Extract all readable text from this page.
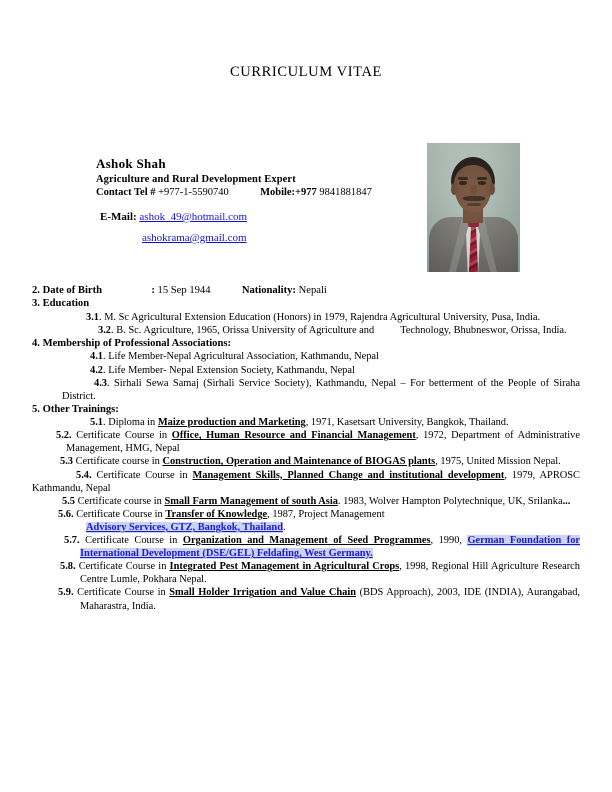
CURRICULUM VITAE
Ashok Shah
Agriculture and Rural Development Expert
Contact Tel # +977-1-5590740	Mobile:+977 9841881847
E-Mail: ashok_49@hotmail.com
ashokrama@gmail.com
2. Date of Birth	: 15 Sep 1944	Nationality: Nepali
3. Education
3.1. M. Sc Agricultural Extension Education (Honors) in 1979, Rajendra Agricultural University, Pusa, India.
3.2. B. Sc. Agriculture, 1965, Orissa University of Agriculture and	Technology, Bhubneswor, Orissa, India.
4. Membership of Professional Associations:
4.1. Life Member-Nepal Agricultural Association, Kathmandu, Nepal
4.2. Life Member- Nepal Extension Society, Kathmandu, Nepal
4.3. Sirhali Sewa Samaj (Sirhali Service Society), Kathmandu, Nepal – For betterment of the People of Siraha District.
5. Other Trainings:
5.1. Diploma in Maize production and Marketing, 1971, Kasetsart University, Bangkok, Thailand.
5.2. Certificate Course in Office, Human Resource and Financial Management, 1972, Department of Administrative Management, HMG, Nepal
5.3 Certificate course in Construction, Operation and Maintenance of BIOGAS plants, 1975, United Mission Nepal.
5.4. Certificate Course in Management Skills, Planned Change and institutional development, 1979, APROSC Kathmandu, Nepal
5.5 Certificate course in Small Farm Management of south Asia. 1983, Wolver Hampton Polytechnique, UK, Srilanka...
5.6. Certificate Course in Transfer of Knowledge, 1987, Project Management
Advisory Services, GTZ, Bangkok, Thailand.
5.7. Certificate Course in Organization and Management of Seed Programmes, 1990, German Foundation for International Development (DSE/GEL) Feldafing, West Germany.
5.8. Certificate Course in Integrated Pest Management in Agricultural Crops, 1998, Regional Hill Agriculture Research Centre Lumle, Pokhara Nepal.
5.9. Certificate Course in Small Holder Irrigation and Value Chain (BDS Approach), 2003, IDE (INDIA), Aurangabad, Maharastra, India.
